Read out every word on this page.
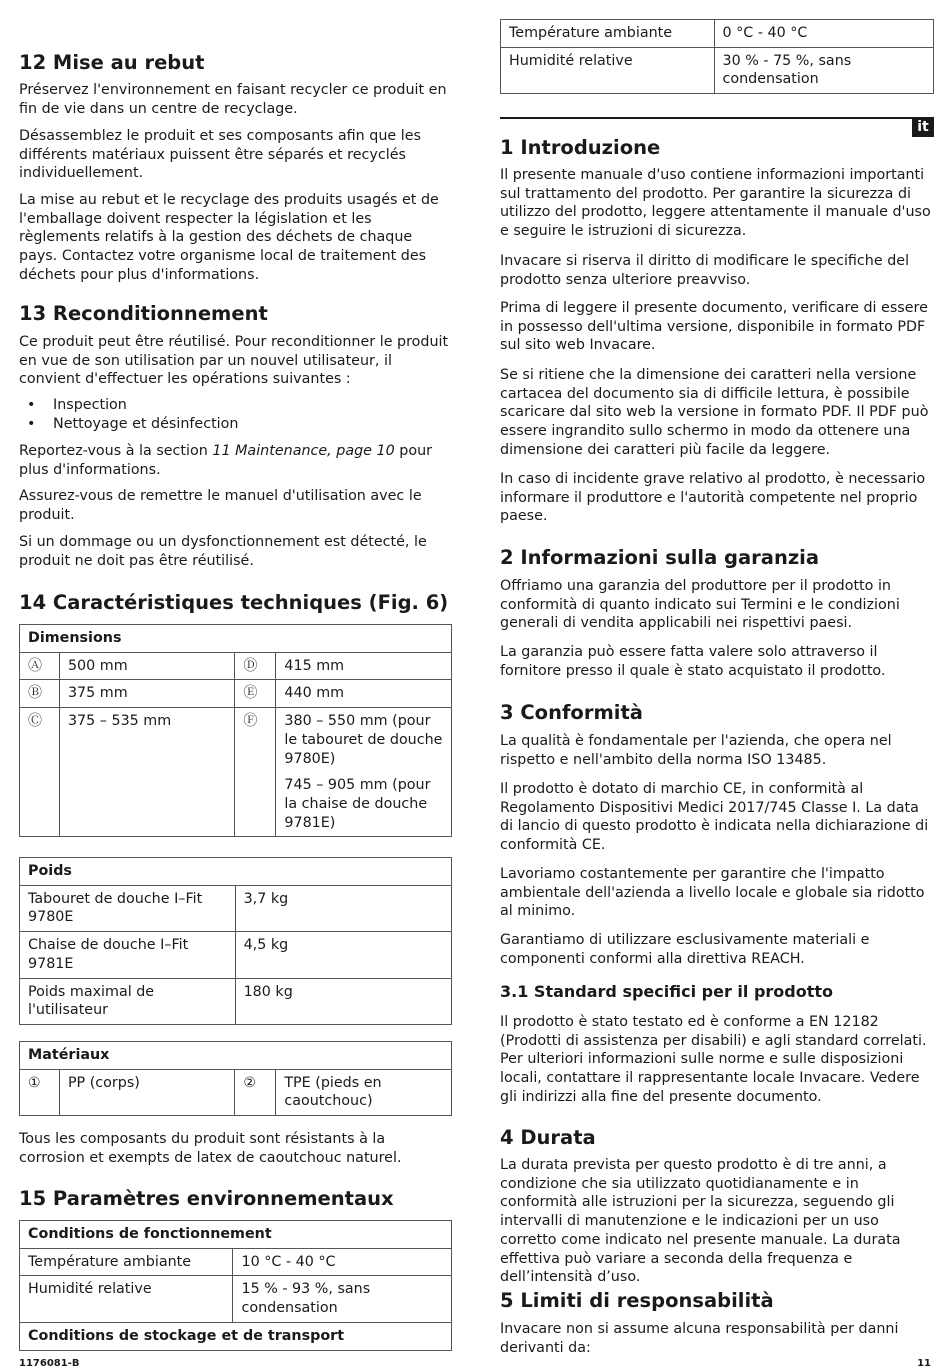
12 Mise au rebut

Préservez l'environnement en faisant recycler ce produit en fin de vie dans un centre de recyclage.

Désassemblez le produit et ses composants afin que les différents matériaux puissent être séparés et recyclés individuellement.

La mise au rebut et le recyclage des produits usagés et de l'emballage doivent respecter la législation et les règlements relatifs à la gestion des déchets de chaque pays. Contactez votre organisme local de traitement des déchets pour plus d'informations.

13 Reconditionnement

Ce produit peut être réutilisé. Pour reconditionner le produit en vue de son utilisation par un nouvel utilisateur, il convient d'effectuer les opérations suivantes :

• Inspection
• Nettoyage et désinfection

Reportez-vous à la section 11 Maintenance, page 10 pour plus d'informations.

Assurez-vous de remettre le manuel d'utilisation avec le produit.

Si un dommage ou un dysfonctionnement est détecté, le produit ne doit pas être réutilisé.

14 Caractéristiques techniques (Fig. 6)
Dimensions			
Ⓐ	500 mm	Ⓓ	415 mm
Ⓑ	375 mm	Ⓔ	440 mm
Ⓒ	375 – 535 mm	Ⓕ	380 – 550 mm (pour le tabouret de douche 9780E)
745 – 905 mm (pour la chaise de douche 9781E)
Poids	
Tabouret de douche I–Fit 9780E	3,7 kg
Chaise de douche I–Fit 9781E	4,5 kg
Poids maximal de l'utilisateur	180 kg
Matériaux
①	PP (corps)	②	TPE (pieds en caoutchouc)

Tous les composants du produit sont résistants à la corrosion et exempts de latex de caoutchouc naturel.

15 Paramètres environnementaux
Conditions de fonctionnement	
Température ambiante	10 °C - 40 °C
Humidité relative	15 % - 93 %, sans condensation
Conditions de stockage et de transport	
Température ambiante	0 °C - 40 °C
Humidité relative	30 % - 75 %, sans condensation
1 Introduzione

Il presente manuale d'uso contiene informazioni importanti sul trattamento del prodotto. Per garantire la sicurezza di utilizzo del prodotto, leggere attentamente il manuale d'uso e seguire le istruzioni di sicurezza.

Invacare si riserva il diritto di modificare le specifiche del prodotto senza ulteriore preavviso.

Prima di leggere il presente documento, verificare di essere in possesso dell'ultima versione, disponibile in formato PDF sul sito web Invacare.

Se si ritiene che la dimensione dei caratteri nella versione cartacea del documento sia di difficile lettura, è possibile scaricare dal sito web la versione in formato PDF. Il PDF può essere ingrandito sullo schermo in modo da ottenere una dimensione dei caratteri più facile da leggere.

In caso di incidente grave relativo al prodotto, è necessario informare il produttore e l'autorità competente nel proprio paese.

2 Informazioni sulla garanzia

Offriamo una garanzia del produttore per il prodotto in conformità di quanto indicato sui Termini e le condizioni generali di vendita applicabili nei rispettivi paesi.

La garanzia può essere fatta valere solo attraverso il fornitore presso il quale è stato acquistato il prodotto.

3 Conformità

La qualità è fondamentale per l'azienda, che opera nel rispetto e nell'ambito della norma ISO 13485.

Il prodotto è dotato di marchio CE, in conformità al Regolamento Dispositivi Medici 2017/745 Classe I. La data di lancio di questo prodotto è indicata nella dichiarazione di conformità CE.

Lavoriamo costantemente per garantire che l'impatto ambientale dell'azienda a livello locale e globale sia ridotto al minimo.

Garantiamo di utilizzare esclusivamente materiali e componenti conformi alla direttiva REACH.

3.1 Standard specifici per il prodotto

Il prodotto è stato testato ed è conforme a EN 12182 (Prodotti di assistenza per disabili) e agli standard correlati. Per ulteriori informazioni sulle norme e sulle disposizioni locali, contattare il rappresentante locale Invacare. Vedere gli indirizzi alla fine del presente documento.

4 Durata

La durata prevista per questo prodotto è di tre anni, a condizione che sia utilizzato quotidianamente e in conformità alle istruzioni per la sicurezza, seguendo gli intervalli di manutenzione e le indicazioni per un uso corretto come indicato nel presente manuale. La durata effettiva può variare a seconda della frequenza e dell’intensità d’uso.

5 Limiti di responsabilità

Invacare non si assume alcuna responsabilità per danni derivanti da:

it
1176081-B	11
